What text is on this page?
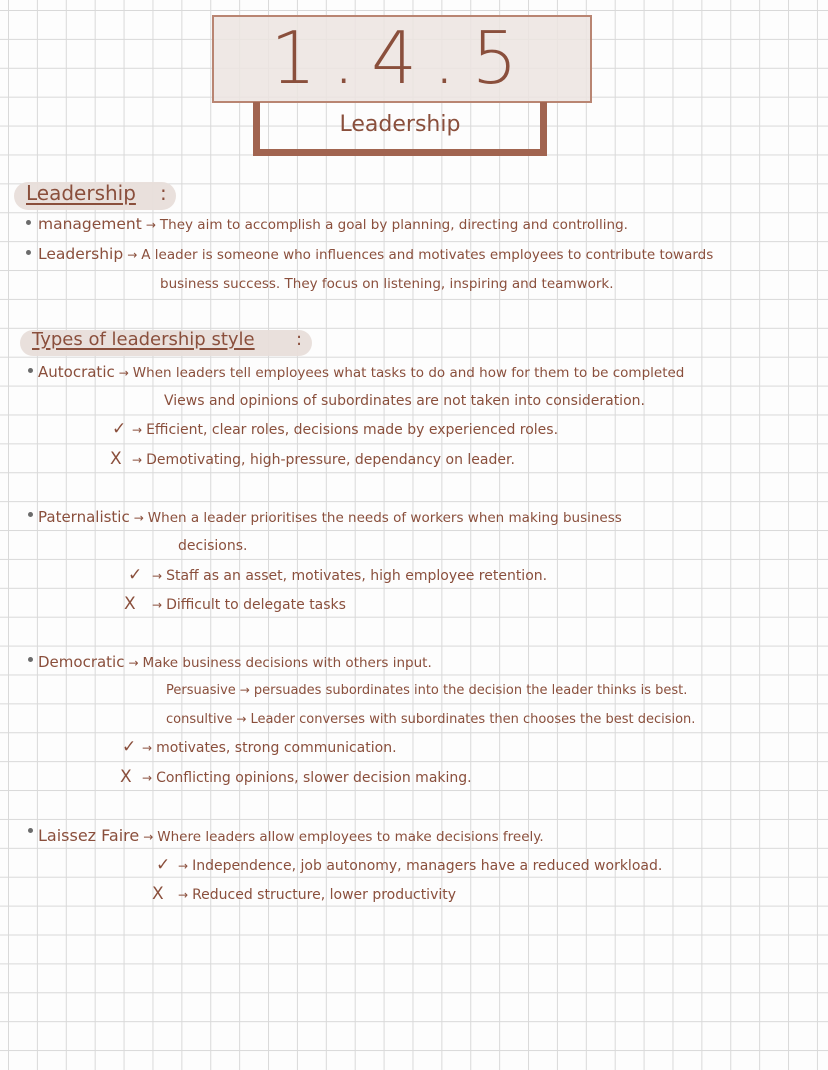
1.4.5
Leadership
Leadership :
management → They aim to accomplish a goal by planning, directing and controlling.
Leadership → A leader is someone who influences and motivates employees to contribute towards
business success. They focus on listening, inspiring and teamwork.
Types of leadership style :
Autocratic → When leaders tell employees what tasks to do and how for them to be completed
Views and opinions of subordinates are not taken into consideration.
✓ → Efficient, clear roles, decisions made by experienced roles.
X → Demotivating, high-pressure, dependancy on leader.
Paternalistic → When a leader prioritises the needs of workers when making business
decisions.
✓ → Staff as an asset, motivates, high employee retention.
X	→ Difficult to delegate tasks
Democratic → Make business decisions with others input.
Persuasive → persuades subordinates into the decision the leader thinks is best.
consultive → Leader converses with subordinates then chooses the best decision.
✓ → motivates, strong communication.
X → Conflicting opinions, slower decision making.
Laissez Faire → Where leaders allow employees to make decisions freely.
✓ → Independence, job autonomy, managers have a reduced workload.
X	→ Reduced structure, lower productivity
